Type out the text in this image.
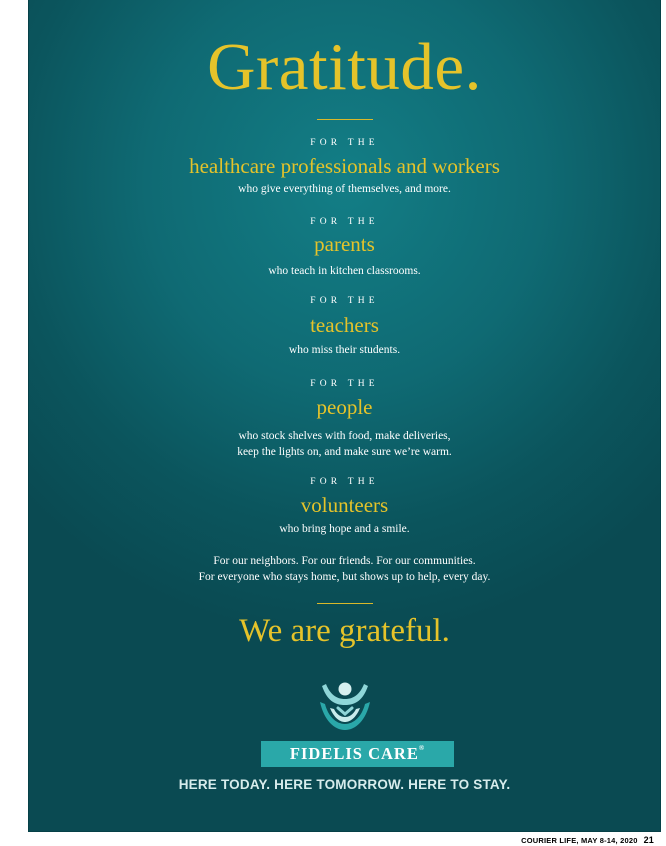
Gratitude.
FOR THE
healthcare professionals and workers
who give everything of themselves, and more.
FOR THE
parents
who teach in kitchen classrooms.
FOR THE
teachers
who miss their students.
FOR THE
people
who stock shelves with food, make deliveries,
keep the lights on, and make sure we’re warm.
FOR THE
volunteers
who bring hope and a smile.
For our neighbors. For our friends. For our communities.
For everyone who stays home, but shows up to help, every day.
We are grateful.
FIDELIS CARE®
HERE TODAY. HERE TOMORROW. HERE TO STAY.
COURIER LIFE, MAY 8-14, 2020 21
